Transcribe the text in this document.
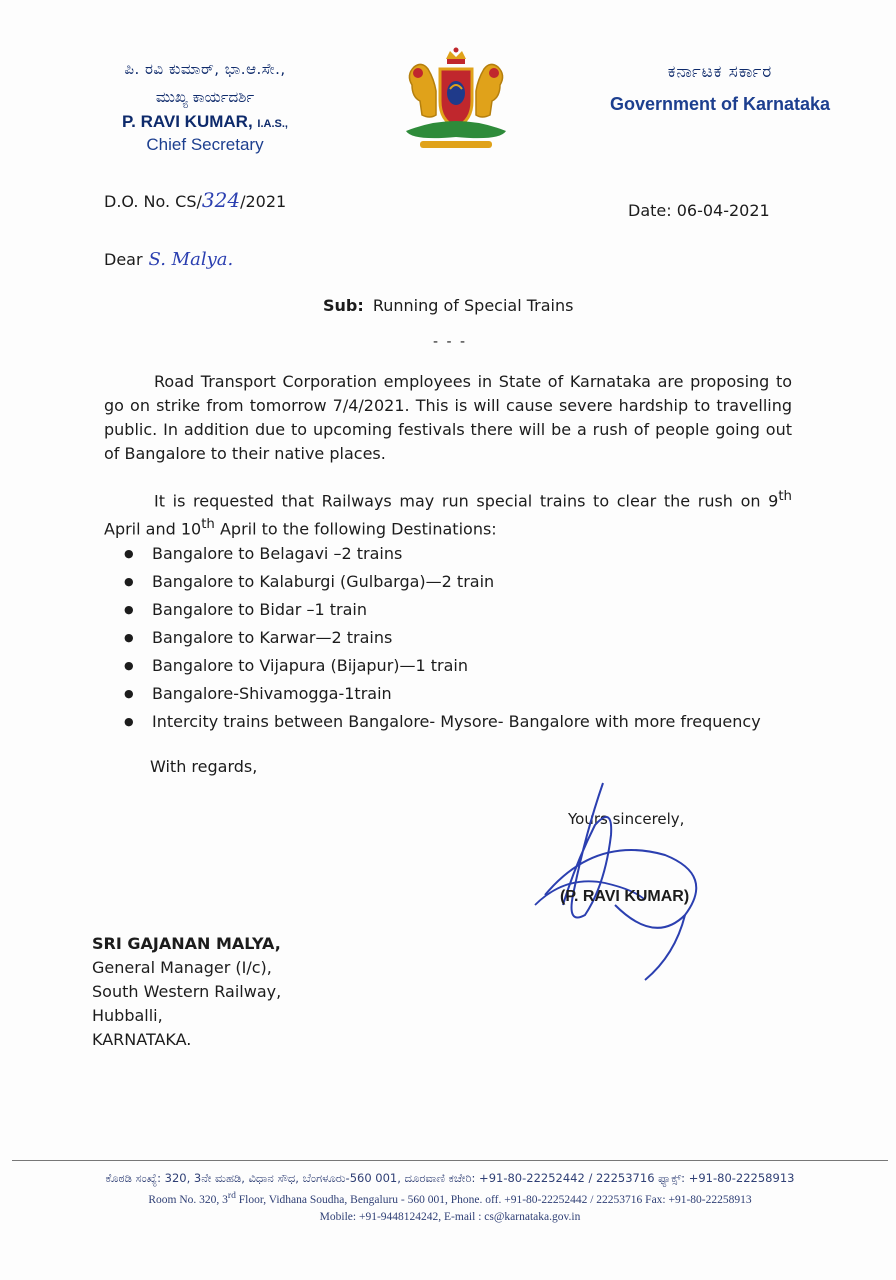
ಪಿ. ರವಿ ಕುಮಾರ್, ಭಾ.ಆ.ಸೇ.,
ಮುಖ್ಯ ಕಾರ್ಯದರ್ಶಿ
P. RAVI KUMAR, I.A.S.,
Chief Secretary
ಕರ್ನಾಟಕ ಸರ್ಕಾರ
Government of Karnataka
D.O. No. CS/324/2021	Date: 06-04-2021
Dear S. Malya.
Sub: Running of Special Trains
- - -

Road Transport Corporation employees in State of Karnataka are proposing to go on strike from tomorrow 7/4/2021. This is will cause severe hardship to travelling public. In addition due to upcoming festivals there will be a rush of people going out of Bangalore to their native places.

It is requested that Railways may run special trains to clear the rush on 9th April and 10th April to the following Destinations:

● Bangalore to Belagavi –2 trains
● Bangalore to Kalaburgi (Gulbarga)—2 train
● Bangalore to Bidar –1 train
● Bangalore to Karwar—2 trains
● Bangalore to Vijapura (Bijapur)—1 train
● Bangalore-Shivamogga-1train
● Intercity trains between Bangalore- Mysore- Bangalore with more frequency
With regards,
Yours sincerely,
(P. RAVI KUMAR)
SRI GAJANAN MALYA,
General Manager (I/c),
South Western Railway,
Hubballi,
KARNATAKA.
ಕೊಠಡಿ ಸಂಖ್ಯೆ: 320, 3ನೇ ಮಹಡಿ, ವಿಧಾನ ಸೌಧ, ಬೆಂಗಳೂರು-560 001, ದೂರವಾಣಿ ಕಚೇರಿ: +91-80-22252442 / 22253716 ಫ್ಯಾಕ್ಸ್: +91-80-22258913
Room No. 320, 3rd Floor, Vidhana Soudha, Bengaluru - 560 001, Phone. off. +91-80-22252442 / 22253716 Fax: +91-80-22258913
Mobile: +91-9448124242, E-mail : cs@karnataka.gov.in
